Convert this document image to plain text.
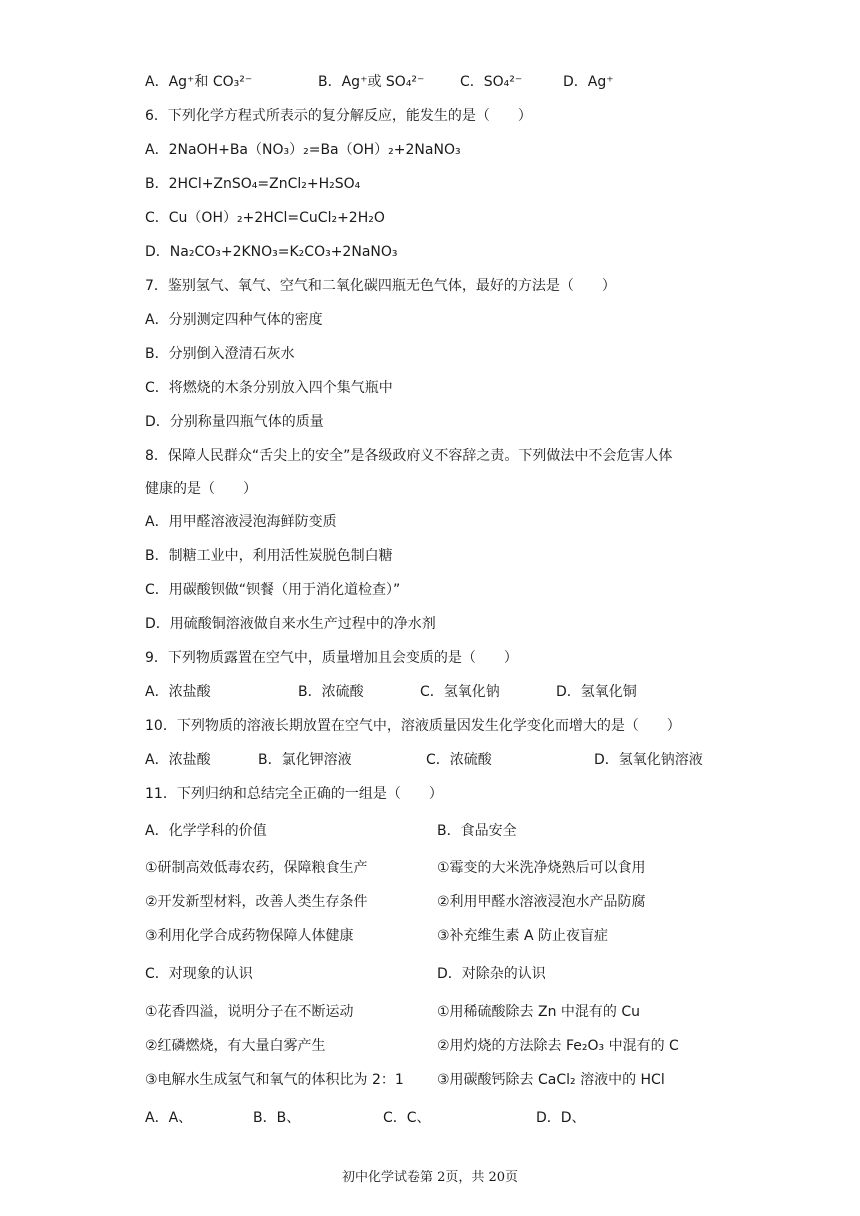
A．Ag⁺和 CO₃²⁻	B．Ag⁺或 SO₄²⁻	C．SO₄²⁻	D．Ag⁺
6．下列化学方程式所表示的复分解反应，能发生的是（　　）
A．2NaOH+Ba（NO₃）₂=Ba（OH）₂+2NaNO₃
B．2HCl+ZnSO₄=ZnCl₂+H₂SO₄
C．Cu（OH）₂+2HCl=CuCl₂+2H₂O
D．Na₂CO₃+2KNO₃=K₂CO₃+2NaNO₃
7．鉴别氢气、氧气、空气和二氧化碳四瓶无色气体，最好的方法是（　　）
A．分别测定四种气体的密度
B．分别倒入澄清石灰水
C．将燃烧的木条分别放入四个集气瓶中
D．分别称量四瓶气体的质量
8．保障人民群众“舌尖上的安全”是各级政府义不容辞之责。下列做法中不会危害人体
健康的是（　　）
A．用甲醛溶液浸泡海鲜防变质
B．制糖工业中，利用活性炭脱色制白糖
C．用碳酸钡做“钡餐（用于消化道检查）”
D．用硫酸铜溶液做自来水生产过程中的净水剂
9．下列物质露置在空气中，质量增加且会变质的是（　　）
A．浓盐酸	B．浓硫酸	C．氢氧化钠	D．氢氧化铜
10．下列物质的溶液长期放置在空气中，溶液质量因发生化学变化而增大的是（　　）
A．浓盐酸	B．氯化钾溶液	C．浓硫酸	D．氢氧化钠溶液
11．下列归纳和总结完全正确的一组是（　　）
A．化学学科的价值	B．食品安全
①研制高效低毒农药，保障粮食生产	①霉变的大米洗净烧熟后可以食用
②开发新型材料，改善人类生存条件	②利用甲醛水溶液浸泡水产品防腐
③利用化学合成药物保障人体健康	③补充维生素 A 防止夜盲症
C．对现象的认识	D．对除杂的认识
①花香四溢，说明分子在不断运动	①用稀硫酸除去 Zn 中混有的 Cu
②红磷燃烧，有大量白雾产生	②用灼烧的方法除去 Fe₂O₃ 中混有的 C
③电解水生成氢气和氧气的体积比为 2：1 ③用碳酸钙除去 CaCl₂ 溶液中的 HCl
A．A、	B．B、	C．C、	D．D、
初中化学试卷第 2页，共 20页
